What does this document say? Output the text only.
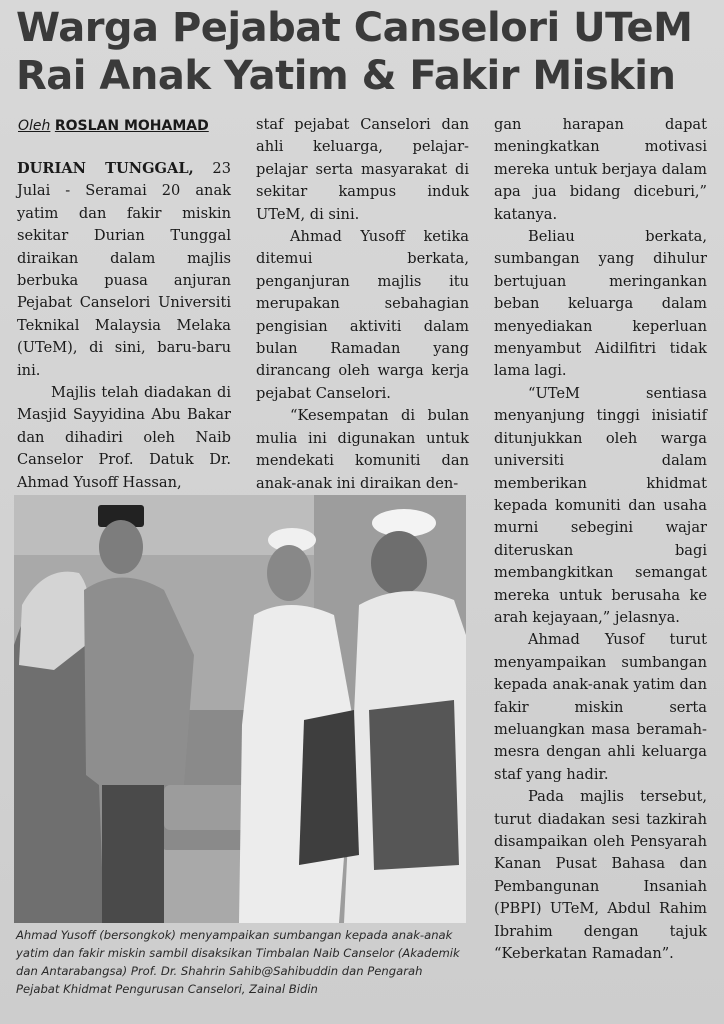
Warga Pejabat Canselori UTeM
Rai Anak Yatim & Fakir Miskin
Oleh ROSLAN MOHAMAD

DURIAN TUNGGAL, 23 Julai - Seramai 20 anak yatim dan fakir miskin sekitar Durian Tunggal diraikan dalam majlis berbuka puasa anjuran Pejabat Canselori Universiti Teknikal Malaysia Melaka (UTeM), di sini, baru-baru ini.

Majlis telah diadakan di Masjid Sayyidina Abu Bakar dan dihadiri oleh Naib Canselor Prof. Datuk Dr. Ahmad Yusoff Hassan,

staf pejabat Canselori dan ahli keluarga, pelajar-pelajar serta masyarakat di sekitar kampus induk UTeM, di sini.

Ahmad Yusoff ketika ditemui berkata, penganjuran majlis itu merupakan sebahagian pengisian aktiviti dalam bulan Ramadan yang dirancang oleh warga kerja pejabat Canselori.

“Kesempatan di bulan mulia ini digunakan untuk mendekati komuniti dan anak-anak ini diraikan den-

gan harapan dapat meningkatkan motivasi mereka untuk berjaya dalam apa jua bidang diceburi,” katanya.

Beliau berkata, sumbangan yang dihulur bertujuan meringankan beban keluarga dalam menyediakan keperluan menyambut Aidilfitri tidak lama lagi.

“UTeM sentiasa menyanjung tinggi inisiatif ditunjukkan oleh warga universiti dalam memberikan khidmat kepada komuniti dan usaha murni sebegini wajar diteruskan bagi membangkitkan semangat mereka untuk berusaha ke arah kejayaan,” jelasnya.

Ahmad Yusof turut menyampaikan sumbangan kepada anak-anak yatim dan fakir miskin serta meluangkan masa beramah-mesra dengan ahli keluarga staf yang hadir.

Pada majlis tersebut, turut diadakan sesi tazkirah disampaikan oleh Pensyarah Kanan Pusat Bahasa dan Pembangunan Insaniah (PBPI) UTeM, Abdul Rahim Ibrahim dengan tajuk “Keberkatan Ramadan”.

Ahmad Yusoff (bersongkok) menyampaikan sumbangan kepada anak-anak yatim dan fakir miskin sambil disaksikan Timbalan Naib Canselor (Akademik dan Antarabangsa) Prof. Dr. Shahrin Sahib@Sahibuddin dan Pengarah Pejabat Khidmat Pengurusan Canselori, Zainal Bidin
